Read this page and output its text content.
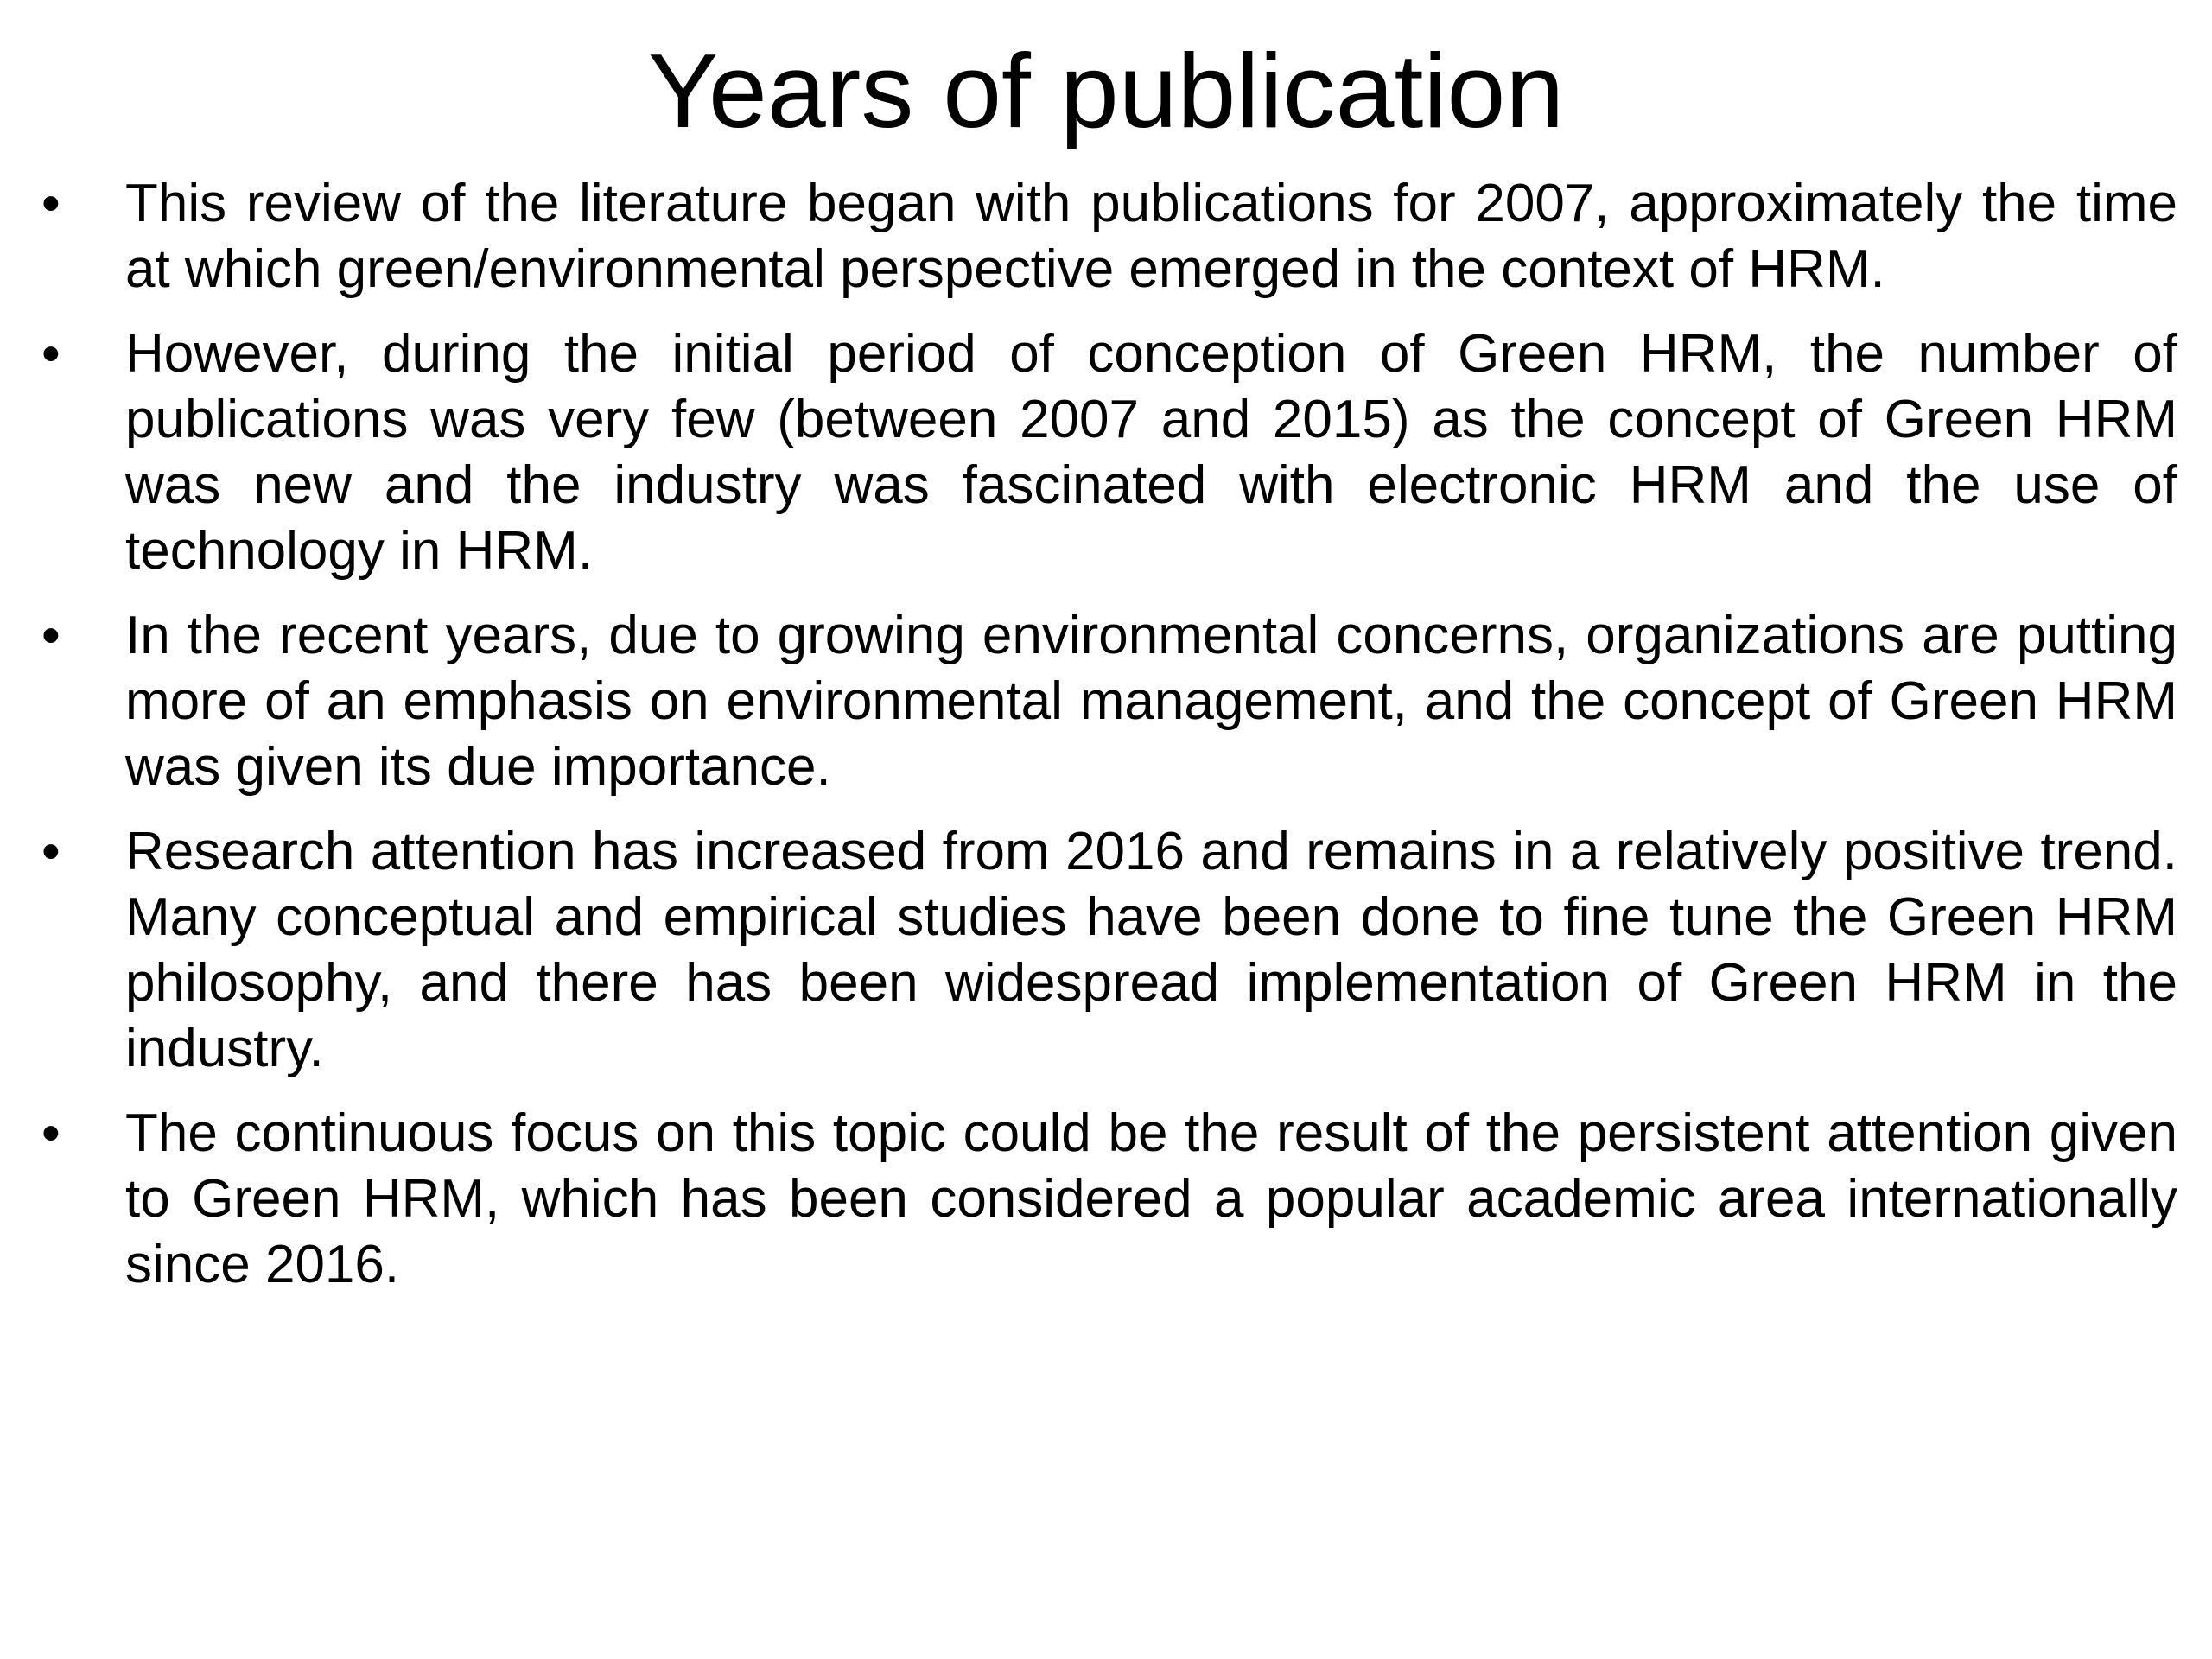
Years of publication
•	This review of the literature began with publications for 2007, approximately the time at which green/environmental perspective emerged in the context of HRM.
•	However, during the initial period of conception of Green HRM, the number of publications was very few (between 2007 and 2015) as the concept of Green HRM was new and the industry was fascinated with electronic HRM and the use of technology in HRM.
•	In the recent years, due to growing environmental concerns, organizations are putting more of an emphasis on environmental management, and the concept of Green HRM was given its due importance.
•	Research attention has increased from 2016 and remains in a relatively positive trend. Many conceptual and empirical studies have been done to fine tune the Green HRM philosophy, and there has been widespread implementation of Green HRM in the industry.
•	The continuous focus on this topic could be the result of the persistent attention given to Green HRM, which has been considered a popular academic area internationally since 2016.
